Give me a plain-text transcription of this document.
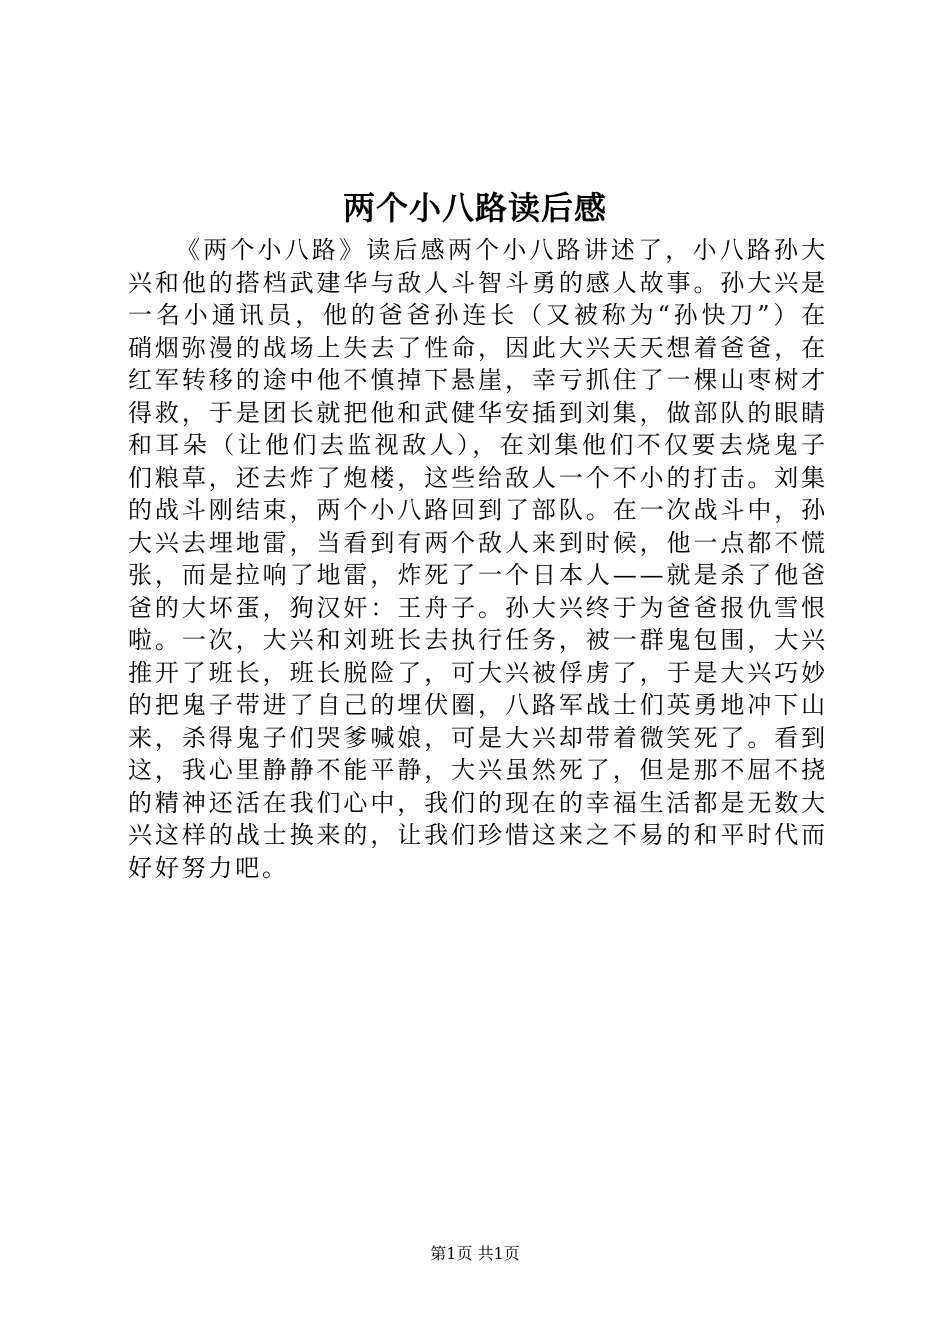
两个小八路读后感

《两个小八路》读后感两个小八路讲述了，小八路孙大兴和他的搭档武建华与敌人斗智斗勇的感人故事。孙大兴是一名小通讯员，他的爸爸孙连长（又被称为“孙快刀”）在硝烟弥漫的战场上失去了性命，因此大兴天天想着爸爸，在红军转移的途中他不慎掉下悬崖，幸亏抓住了一棵山枣树才得救，于是团长就把他和武健华安插到刘集，做部队的眼睛和耳朵（让他们去监视敌人），在刘集他们不仅要去烧鬼子们粮草，还去炸了炮楼，这些给敌人一个不小的打击。刘集的战斗刚结束，两个小八路回到了部队。在一次战斗中，孙大兴去埋地雷，当看到有两个敌人来到时候，他一点都不慌张，而是拉响了地雷，炸死了一个日本人——就是杀了他爸爸的大坏蛋，狗汉奸：王舟子。孙大兴终于为爸爸报仇雪恨啦。一次，大兴和刘班长去执行任务，被一群鬼包围，大兴推开了班长，班长脱险了，可大兴被俘虏了，于是大兴巧妙的把鬼子带进了自己的埋伏圈，八路军战士们英勇地冲下山来，杀得鬼子们哭爹喊娘，可是大兴却带着微笑死了。看到这，我心里静静不能平静，大兴虽然死了，但是那不屈不挠的精神还活在我们心中，我们的现在的幸福生活都是无数大兴这样的战士换来的，让我们珍惜这来之不易的和平时代而好好努力吧。

第1页 共1页
